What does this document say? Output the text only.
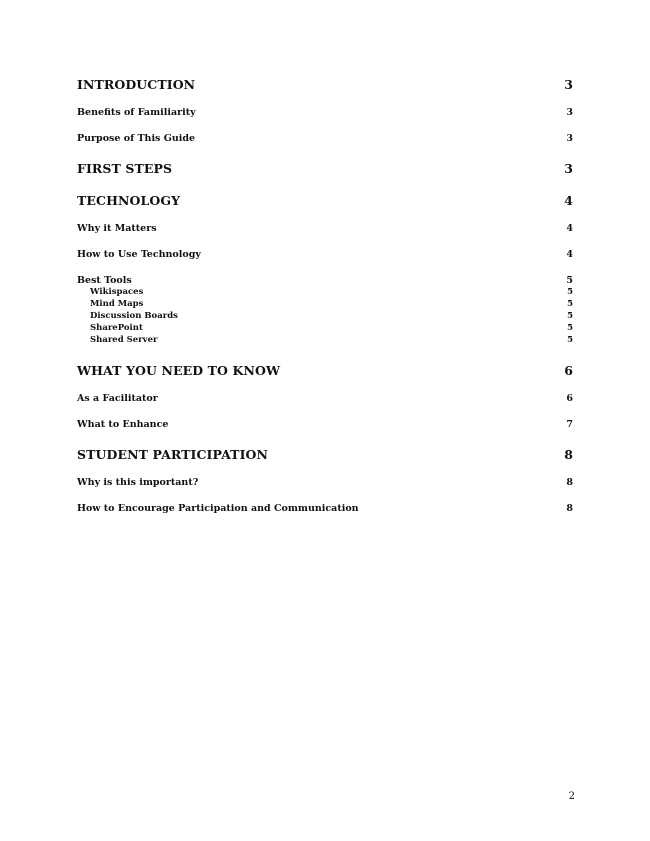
INTRODUCTION	3
Benefits of Familiarity	3
Purpose of This Guide	3
FIRST STEPS	3
TECHNOLOGY	4
Why it Matters	4
How to Use Technology	4
Best Tools	5
Wikispaces	5
Mind Maps	5
Discussion Boards	5
SharePoint	5
Shared Server	5
WHAT YOU NEED TO KNOW	6
As a Facilitator	6
What to Enhance	7
STUDENT PARTICIPATION	8
Why is this important?	8
How to Encourage Participation and Communication	8
2
